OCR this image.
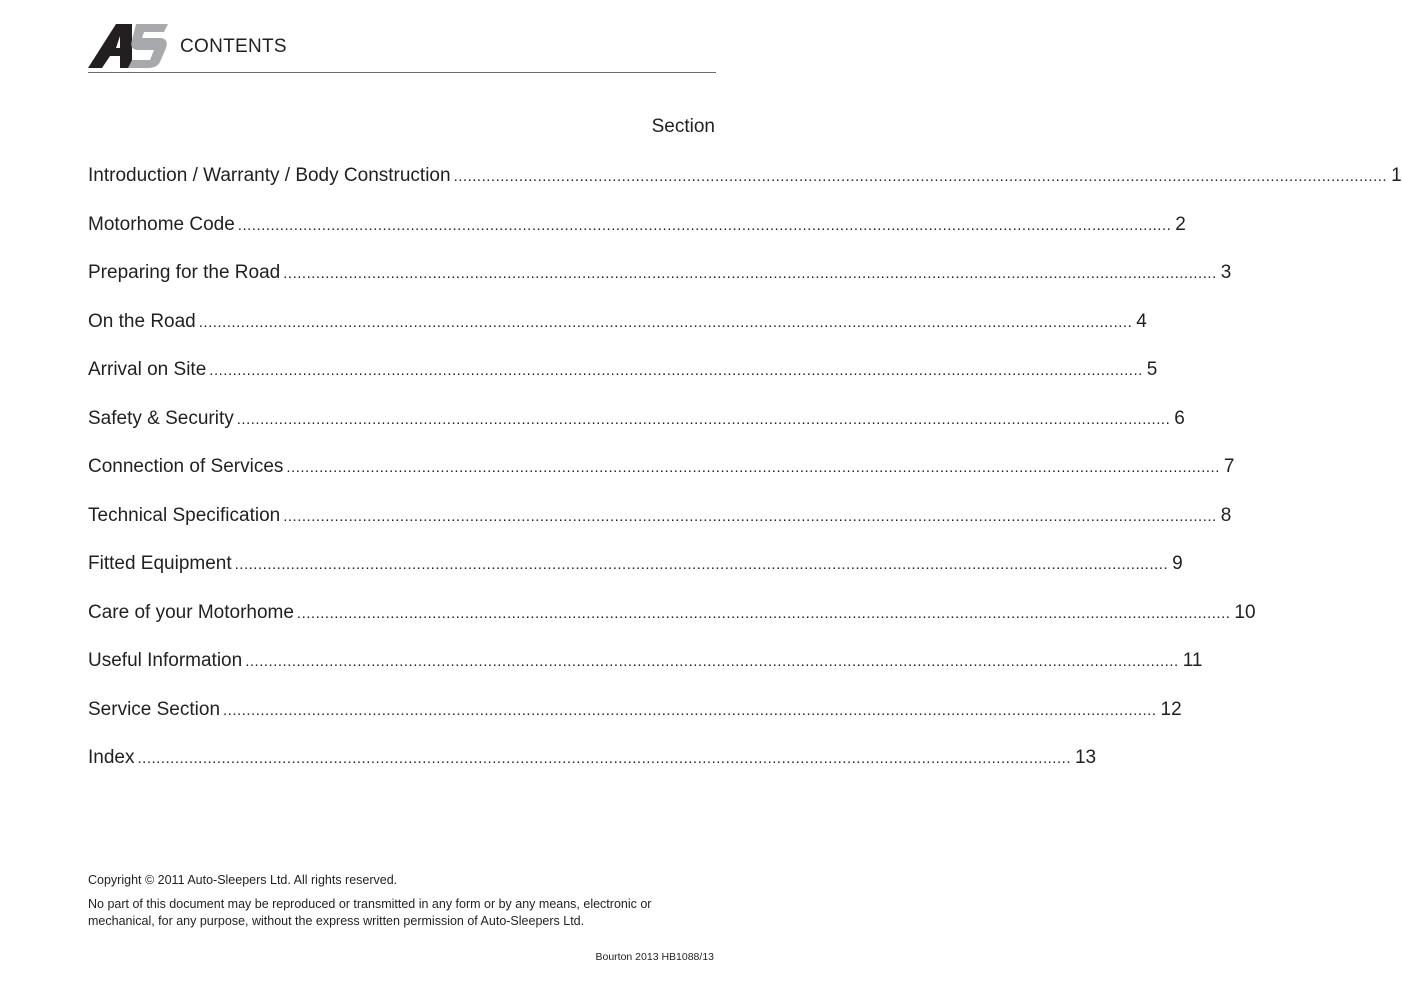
CONTENTS
Section
Introduction / Warranty / Body Construction ........................................................................................................................................................................................................ 1
Motorhome Code ........................................................................................................................................................................................................ 2
Preparing for the Road ........................................................................................................................................................................................................ 3
On the Road ........................................................................................................................................................................................................ 4
Arrival on Site ........................................................................................................................................................................................................ 5
Safety & Security ........................................................................................................................................................................................................ 6
Connection of Services ........................................................................................................................................................................................................ 7
Technical Specification ........................................................................................................................................................................................................ 8
Fitted Equipment ........................................................................................................................................................................................................ 9
Care of your Motorhome ........................................................................................................................................................................................................ 10
Useful Information ........................................................................................................................................................................................................ 11
Service Section ........................................................................................................................................................................................................ 12
Index ........................................................................................................................................................................................................ 13
Copyright © 2011 Auto-Sleepers Ltd. All rights reserved.
No part of this document may be reproduced or transmitted in any form or by any means, electronic or mechanical, for any purpose, without the express written permission of Auto-Sleepers Ltd.
Bourton 2013 HB1088/13
